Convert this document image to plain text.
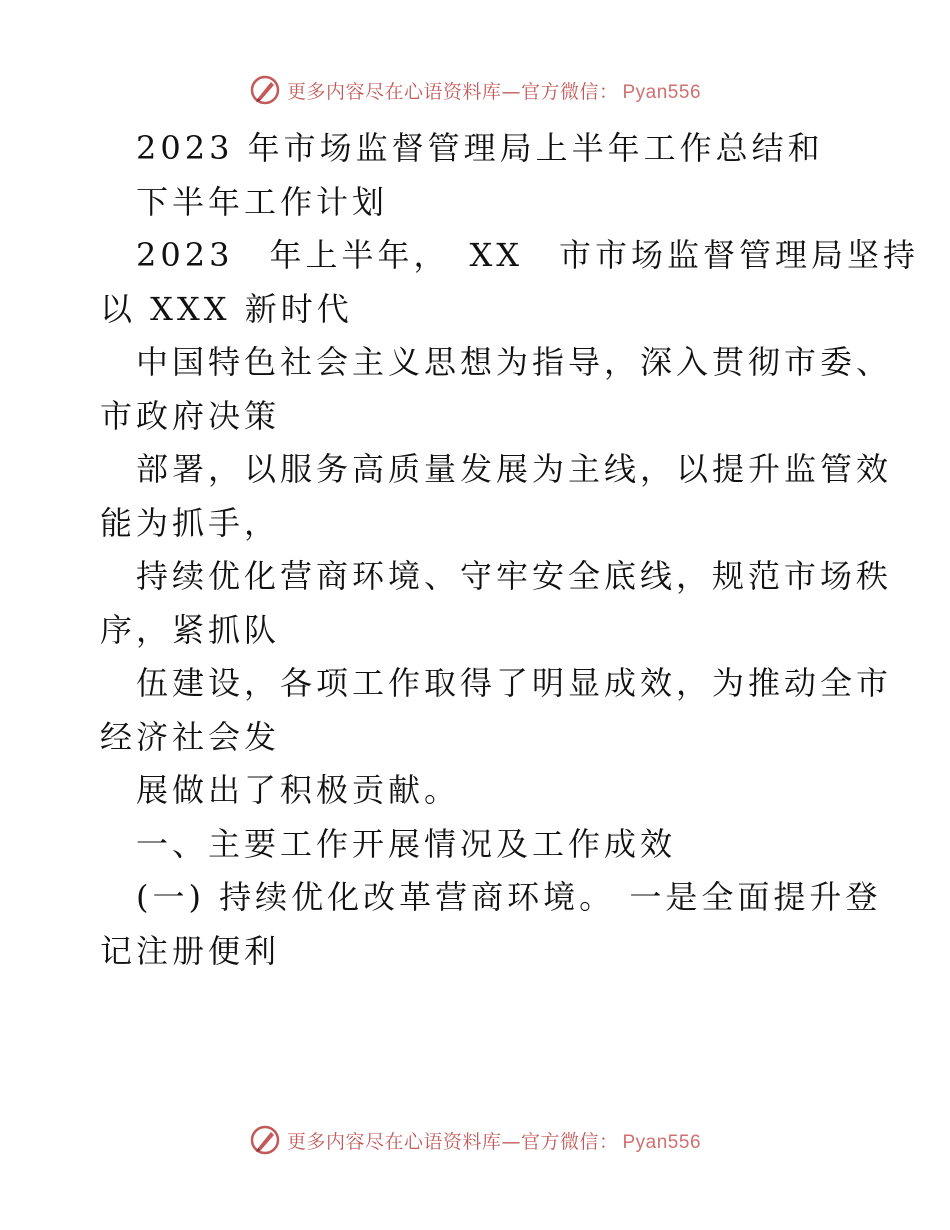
更多内容尽在心语资料库—官方微信： Pyan556
2023 年市场监督管理局上半年工作总结和
下半年工作计划
2023　年上半年，　XX　市市场监督管理局坚持
以 XXX 新时代
中国特色社会主义思想为指导，深入贯彻市委、
市政府决策
部署，以服务高质量发展为主线，以提升监管效
能为抓手，
持续优化营商环境、守牢安全底线，规范市场秩
序，紧抓队
伍建设，各项工作取得了明显成效，为推动全市
经济社会发
展做出了积极贡献。
一、主要工作开展情况及工作成效
(一) 持续优化改革营商环境。 一是全面提升登
记注册便利
更多内容尽在心语资料库—官方微信： Pyan556
